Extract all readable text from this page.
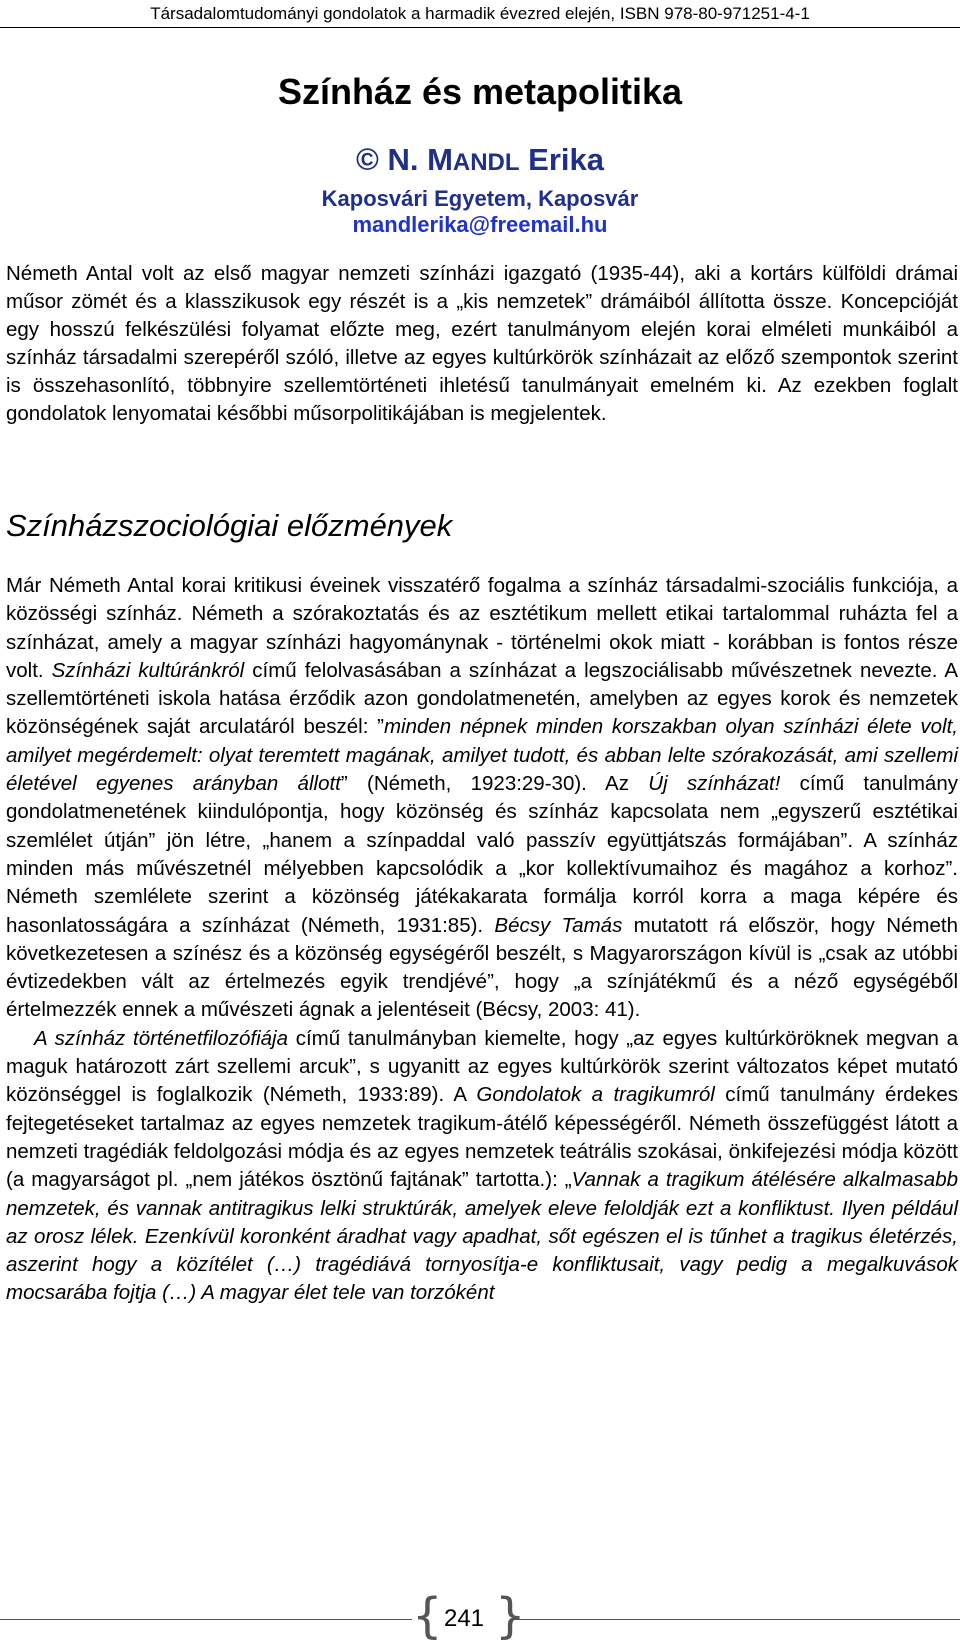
Társadalomtudományi gondolatok a harmadik évezred elején, ISBN 978-80-971251-4-1
Színház és metapolitika
© N. MANDL Erika
Kaposvári Egyetem, Kaposvár
mandlerika@freemail.hu

Németh Antal volt az első magyar nemzeti színházi igazgató (1935-44), aki a kortárs külföldi drámai műsor zömét és a klasszikusok egy részét is a „kis nemzetek” drámáiból állította össze. Koncepcióját egy hosszú felkészülési folyamat előzte meg, ezért tanulmányom elején korai elméleti munkáiból a színház társadalmi szerepéről szóló, illetve az egyes kultúrkörök színházait az előző szempontok szerint is összehasonlító, többnyire szellemtörténeti ihletésű tanulmányait emelném ki. Az ezekben foglalt gondolatok lenyomatai későbbi műsorpolitikájában is megjelentek.

Színházszociológiai előzmények

Már Németh Antal korai kritikusi éveinek visszatérő fogalma a színház társadalmi-szociális funkciója, a közösségi színház. Németh a szórakoztatás és az esztétikum mellett etikai tartalommal ruházta fel a színházat, amely a magyar színházi hagyománynak - történelmi okok miatt - korábban is fontos része volt. Színházi kultúránkról című felolvasásában a színházat a legszociálisabb művészetnek nevezte. A szellemtörténeti iskola hatása érződik azon gondolatmenetén, amelyben az egyes korok és nemzetek közönségének saját arculatáról beszél: ”minden népnek minden korszakban olyan színházi élete volt, amilyet megérdemelt: olyat teremtett magának, amilyet tudott, és abban lelte szórakozását, ami szellemi életével egyenes arányban állott” (Németh, 1923:29-30). Az Új színházat! című tanulmány gondolatmenetének kiindulópontja, hogy közönség és színház kapcsolata nem „egyszerű esztétikai szemlélet útján” jön létre, „hanem a színpaddal való passzív együttjátszás formájában”. A színház minden más művészetnél mélyebben kapcsolódik a „kor kollektívumaihoz és magához a korhoz”. Németh szemlélete szerint a közönség játékakarata formálja korról korra a maga képére és hasonlatosságára a színházat (Németh, 1931:85). Bécsy Tamás mutatott rá először, hogy Németh következetesen a színész és a közönség egységéről beszélt, s Magyarországon kívül is „csak az utóbbi évtizedekben vált az értelmezés egyik trendjévé”, hogy „a színjátékmű és a néző egységéből értelmezzék ennek a művészeti ágnak a jelentéseit (Bécsy, 2003: 41).

A színház történetfilozófiája című tanulmányban kiemelte, hogy „az egyes kultúrköröknek megvan a maguk határozott zárt szellemi arcuk”, s ugyanitt az egyes kultúrkörök szerint változatos képet mutató közönséggel is foglalkozik (Németh, 1933:89). A Gondolatok a tragikumról című tanulmány érdekes fejtegetéseket tartalmaz az egyes nemzetek tragikum-átélő képességéről. Németh összefüggést látott a nemzeti tragédiák feldolgozási módja és az egyes nemzetek teátrális szokásai, önkifejezési módja között (a magyarságot pl. „nem játékos ösztönű fajtának” tartotta.): „Vannak a tragikum átélésére alkalmasabb nemzetek, és vannak antitragikus lelki struktúrák, amelyek eleve feloldják ezt a konfliktust. Ilyen például az orosz lélek. Ezenkívül koronként áradhat vagy apadhat, sőt egészen el is tűnhet a tragikus életérzés, aszerint hogy a közítélet (…) tragédiává tornyosítja-e konfliktusait, vagy pedig a megalkuvások mocsarába fojtja (…) A magyar élet tele van torzóként

{ 241 }
